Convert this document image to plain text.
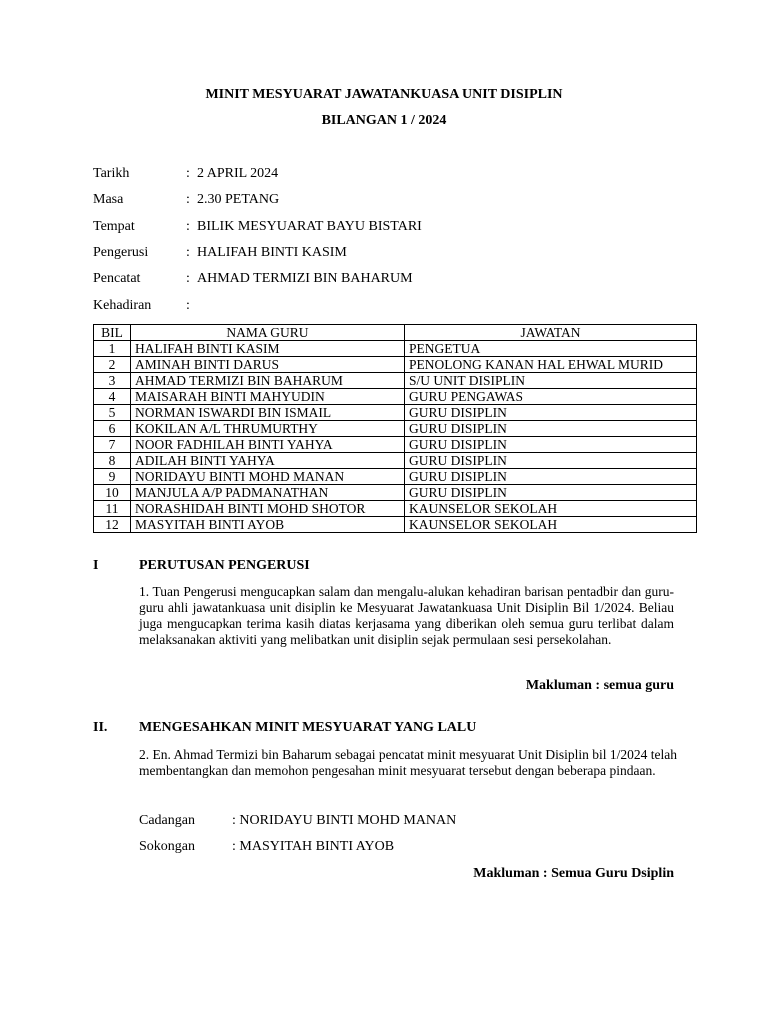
MINIT MESYUARAT JAWATANKUASA UNIT DISIPLIN
BILANGAN 1 / 2024
Tarikh	: 2 APRIL 2024
Masa	: 2.30 PETANG
Tempat	: BILIK MESYUARAT BAYU BISTARI
Pengerusi	: HALIFAH BINTI KASIM
Pencatat	: AHMAD TERMIZI BIN BAHARUM
Kehadiran :
BIL	NAMA GURU	JAWATAN
1	HALIFAH BINTI KASIM	PENGETUA
2	AMINAH BINTI DARUS	PENOLONG KANAN HAL EHWAL MURID
3	AHMAD TERMIZI BIN BAHARUM	S/U UNIT DISIPLIN
4	MAISARAH BINTI MAHYUDIN	GURU PENGAWAS
5	NORMAN ISWARDI BIN ISMAIL	GURU DISIPLIN
6	KOKILAN A/L THRUMURTHY	GURU DISIPLIN
7	NOOR FADHILAH BINTI YAHYA	GURU DISIPLIN
8	ADILAH BINTI YAHYA	GURU DISIPLIN
9	NORIDAYU BINTI MOHD MANAN	GURU DISIPLIN
10	MANJULA A/P PADMANATHAN	GURU DISIPLIN
11	NORASHIDAH BINTI MOHD SHOTOR	KAUNSELOR SEKOLAH
12	MASYITAH BINTI AYOB	KAUNSELOR SEKOLAH
I	PERUTUSAN PENGERUSI
1. Tuan Pengerusi mengucapkan salam dan mengalu-alukan kehadiran barisan pentadbir dan guru-guru ahli jawatankuasa unit disiplin ke Mesyuarat Jawatankuasa Unit Disiplin Bil 1/2024. Beliau juga mengucapkan terima kasih diatas kerjasama yang diberikan oleh semua guru terlibat dalam melaksanakan aktiviti yang melibatkan unit disiplin sejak permulaan sesi persekolahan.
Makluman : semua guru
II. MENGESAHKAN MINIT MESYUARAT YANG LALU
2. En. Ahmad Termizi bin Baharum sebagai pencatat minit mesyuarat Unit Disiplin bil 1/2024 telah membentangkan dan memohon pengesahan minit mesyuarat tersebut dengan beberapa pindaan.
Cadangan	: NORIDAYU BINTI MOHD MANAN
Sokongan	: MASYITAH BINTI AYOB
Makluman : Semua Guru Dsiplin
